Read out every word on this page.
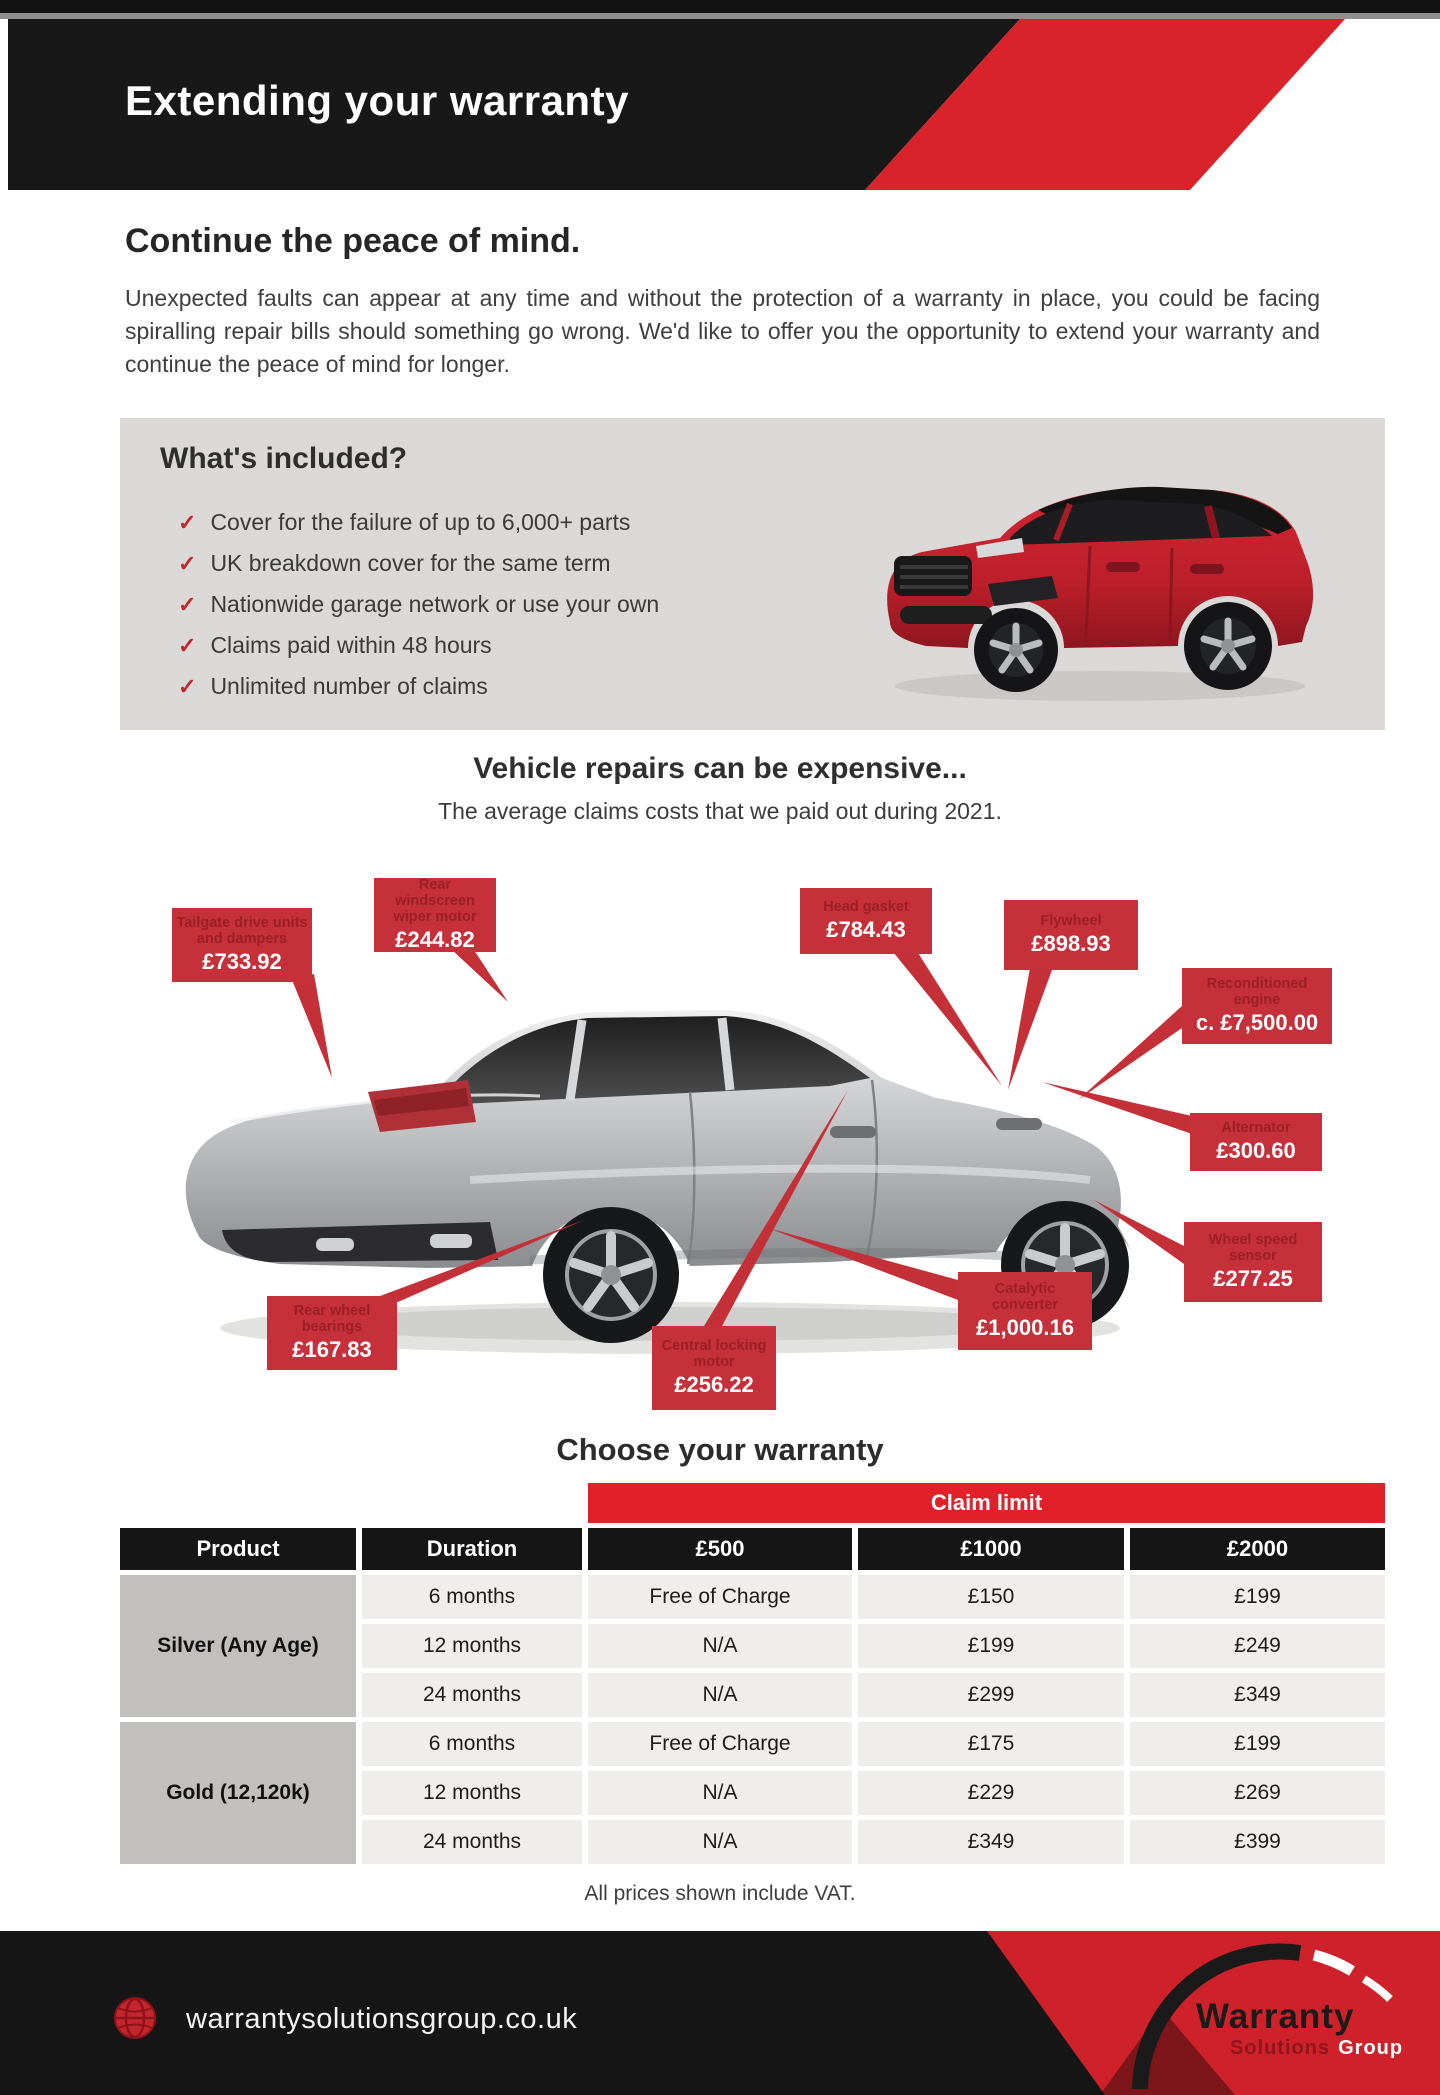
Extending your warranty
Continue the peace of mind.
Unexpected faults can appear at any time and without the protection of a warranty in place, you could be facing spiralling repair bills should something go wrong. We'd like to offer you the opportunity to extend your warranty and continue the peace of mind for longer.
What's included?
✓ Cover for the failure of up to 6,000+ parts
✓ UK breakdown cover for the same term
✓ Nationwide garage network or use your own
✓ Claims paid within 48 hours
✓ Unlimited number of claims
Vehicle repairs can be expensive...
The average claims costs that we paid out during 2021.
Tailgate drive units and dampers
£733.92
Rear windscreen wiper motor
£244.82
Head gasket
£784.43	Flywheel
£898.93
Reconditioned engine
c. £7,500.00
Alternator
£300.60
Wheel speed sensor
£277.25
Catalytic converter
£1,000.16
Rear wheel bearings
£167.83	Central locking motor
£256.22
Choose your warranty
Claim limit
Product	Duration	£500	£1000	£2000
Silver (Any Age)
6 months	Free of Charge	£150	£199
12 months	N/A	£199	£249
24 months	N/A	£299	£349
Gold (12,120k)
6 months	Free of Charge	£175	£199
12 months	N/A	£229	£269
24 months	N/A	£349	£399
All prices shown include VAT.
warrantysolutionsgroup.co.uk	Warranty
Solutions Group
